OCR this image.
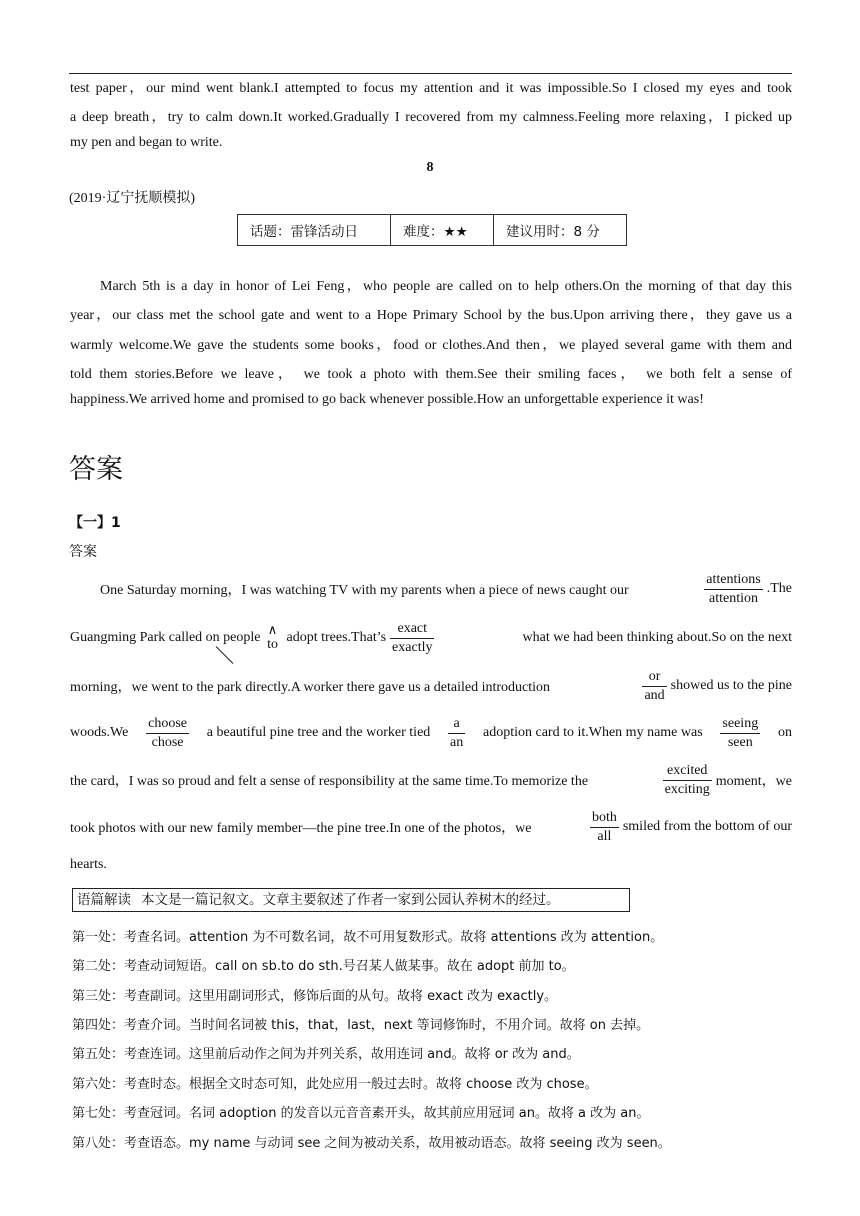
test paper，our mind went blank.I attempted to focus my attention and it was impossible.So I closed my eyes and took
a deep breath，try to calm down.It worked.Gradually I recovered from my calmness.Feeling more relaxing，I picked up
my pen and began to write.
8
(2019·辽宁抚顺模拟)
话题：雷锋活动日	难度：★★	建议用时：8 分
March 5th is a day in honor of Lei Feng，who people are called on to help others.On the morning of that day this
year，our class met the school gate and went to a Hope Primary School by the bus.Upon arriving there，they gave us a
warmly welcome.We gave the students some books，food or clothes.And then，we played several game with them and
told them stories.Before we leave， we took a photo with them.See their smiling faces， we both felt a sense of
happiness.We arrived home and promised to go back whenever possible.How an unforgettable experience it was!
答案
【一】1
答案
One Saturday morning，I was watching TV with my parents when a piece of news caught our	$\frac{\text{attentions}}{\text{attention}} .The$
Guangming Park called on people
∧
to adopt trees.That’s $\frac{\text{exact}}{\text{exactly}}$	what we had been thinking about.So on the next
morning，we went to the park directly.A worker there gave us a detailed introduction	$\frac{or}{\text{and}}$ showed us to the pine
woods.We $\frac{\text{choose}}{\text{chose}}$ a beautiful pine tree and the worker tied $\frac{a}{an}$ adoption card to it.When my name was $\frac{\text{seeing}}{\text{seen}}$ on
the card，I was so proud and felt a sense of responsibility at the same time.To memorize the	$\frac{\text{excited}}{\text{exciting}}$ moment，we
took photos with our new family member—the pine tree.In one of the photos，we	$\frac{\text{both}}{\text{all}}$ smiled from the bottom of our
hearts.
语篇解读 本文是一篇记叙文。文章主要叙述了作者一家到公园认养树木的经过。
第一处：考查名词。attention 为不可数名词，故不可用复数形式。故将 attentions 改为 attention。
第二处：考查动词短语。call on sb.to do sth.号召某人做某事。故在 adopt 前加 to。
第三处：考查副词。这里用副词形式，修饰后面的从句。故将 exact 改为 exactly。
第四处：考查介词。当时间名词被 this，that，last，next 等词修饰时，不用介词。故将 on 去掉。
第五处：考查连词。这里前后动作之间为并列关系，故用连词 and。故将 or 改为 and。
第六处：考查时态。根据全文时态可知，此处应用一般过去时。故将 choose 改为 chose。
第七处：考查冠词。名词 adoption 的发音以元音音素开头，故其前应用冠词 an。故将 a 改为 an。
第八处：考查语态。my name 与动词 see 之间为被动关系，故用被动语态。故将 seeing 改为 seen。
